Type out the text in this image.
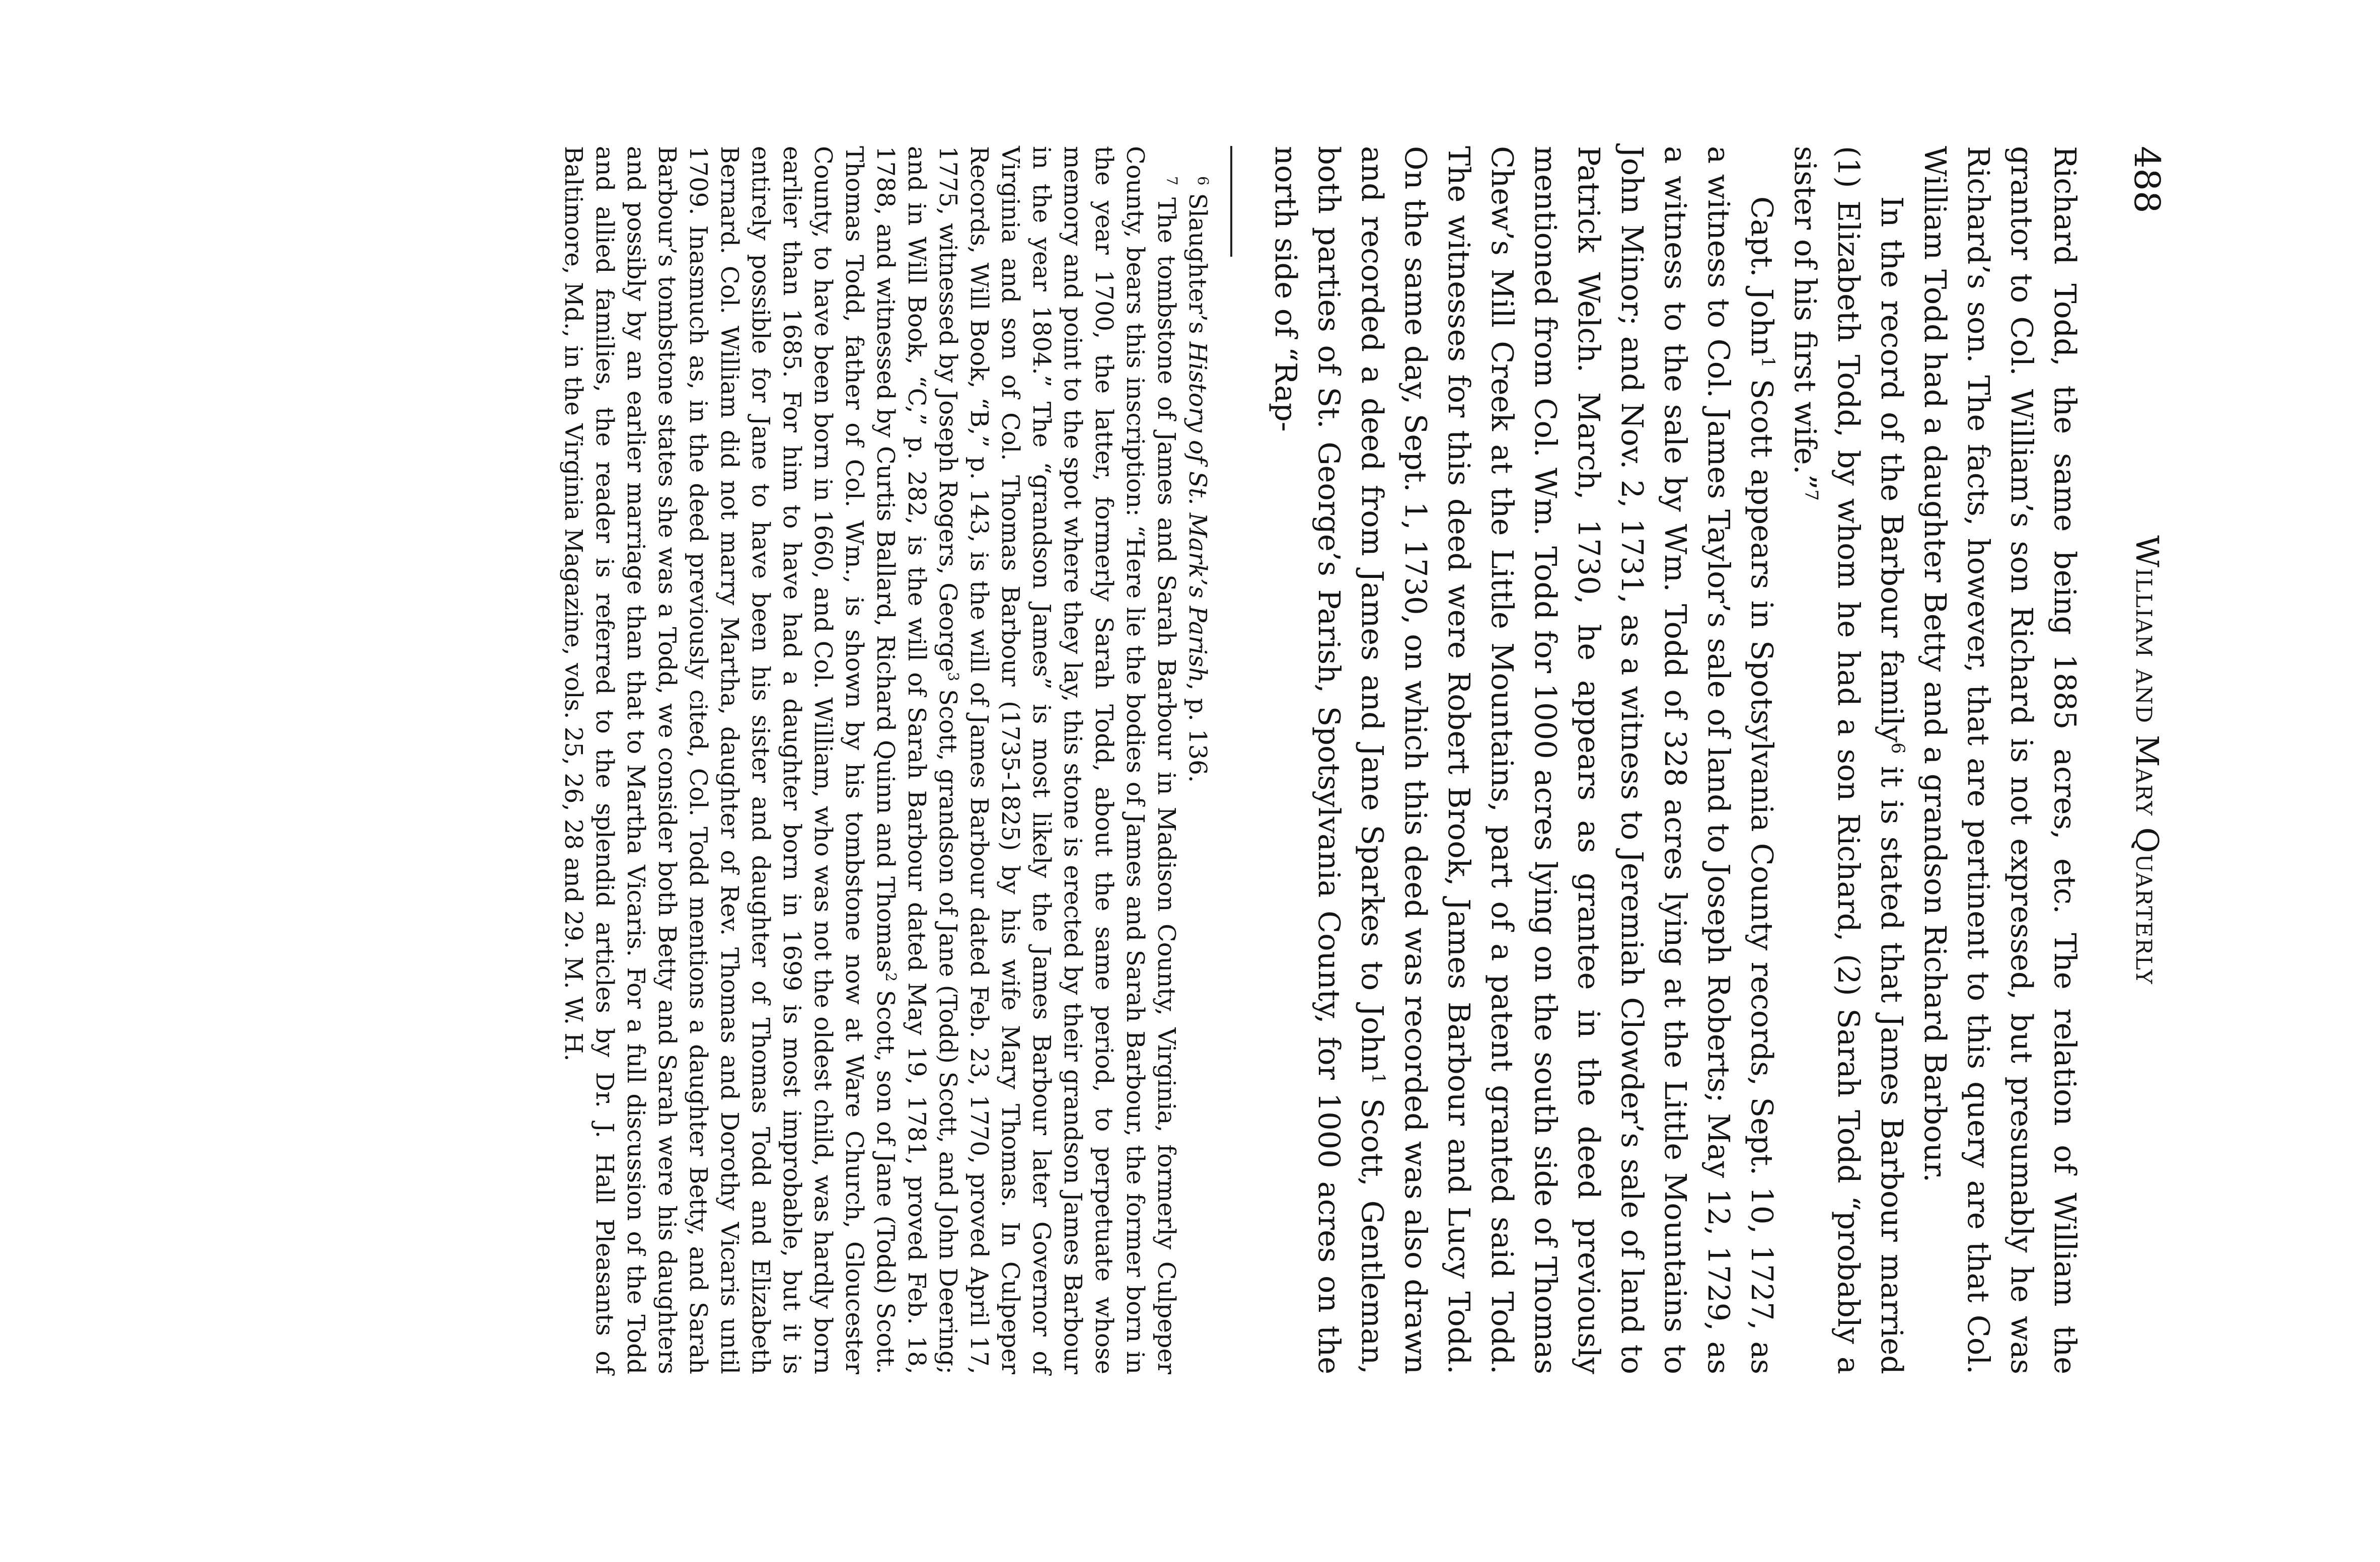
488
William and Mary Quarterly

Richard Todd, the same being 1885 acres, etc. The relation of William the grantor to Col. William’s son Richard is not expressed, but presumably he was Richard’s son. The facts, however, that are pertinent to this query are that Col. William Todd had a daughter Betty and a grandson Richard Barbour.

In the record of the Barbour family$^6$ it is stated that James Barbour married (1) Elizabeth Todd, by whom he had a son Richard, (2) Sarah Todd “probably a sister of his first wife.”$^7$

Capt. John$^1$ Scott appears in Spotsylvania County records, Sept. 10, 1727, as a witness to Col. James Taylor’s sale of land to Joseph Roberts; May 12, 1729, as a witness to the sale by Wm. Todd of 328 acres lying at the Little Mountains to John Minor; and Nov. 2, 1731, as a witness to Jeremiah Clowder’s sale of land to Patrick Welch. March, 1730, he appears as grantee in the deed previously mentioned from Col. Wm. Todd for 1000 acres lying on the south side of Thomas Chew’s Mill Creek at the Little Mountains, part of a patent granted said Todd. The witnesses for this deed were Robert Brook, James Barbour and Lucy Todd. On the same day, Sept. 1, 1730, on which this deed was recorded was also drawn and recorded a deed from James and Jane Sparkes to John$^1$ Scott, Gentleman, both parties of St. George’s Parish, Spotsylvania County, for 1000 acres on the north side of “Rap-

$^6$ Slaughter’s History of St. Mark’s Parish, p. 136.

$^7$ The tombstone of James and Sarah Barbour in Madison County, Virginia, formerly Culpeper County, bears this inscription: “Here lie the bodies of James and Sarah Barbour, the former born in the year 1700, the latter, formerly Sarah Todd, about the same period, to perpetuate whose memory and point to the spot where they lay, this stone is erected by their grandson James Barbour in the year 1804.” The “grandson James” is most likely the James Barbour later Governor of Virginia and son of Col. Thomas Barbour (1735-1825) by his wife Mary Thomas. In Culpeper Records, Will Book, “B,” p. 143, is the will of James Barbour dated Feb. 23, 1770, proved April 17, 1775, witnessed by Joseph Rogers, George$^3$ Scott, grandson of Jane (Todd) Scott, and John Deering; and in Will Book, “C,” p. 282, is the will of Sarah Barbour dated May 19, 1781, proved Feb. 18, 1788, and witnessed by Curtis Ballard, Richard Quinn and Thomas$^2$ Scott, son of Jane (Todd) Scott. Thomas Todd, father of Col. Wm., is shown by his tombstone now at Ware Church, Gloucester County, to have been born in 1660, and Col. William, who was not the oldest child, was hardly born earlier than 1685. For him to have had a daughter born in 1699 is most improbable, but it is entirely possible for Jane to have been his sister and daughter of Thomas Todd and Elizabeth Bernard. Col. William did not marry Martha, daughter of Rev. Thomas and Dorothy Vicaris until 1709. Inasmuch as, in the deed previously cited, Col. Todd mentions a daughter Betty, and Sarah Barbour’s tombstone states she was a Todd, we consider both Betty and Sarah were his daughters and possibly by an earlier marriage than that to Martha Vicaris. For a full discussion of the Todd and allied families, the reader is referred to the splendid articles by Dr. J. Hall Pleasants of Baltimore, Md., in the Virginia Magazine, vols. 25, 26, 28 and 29. M. W. H.
